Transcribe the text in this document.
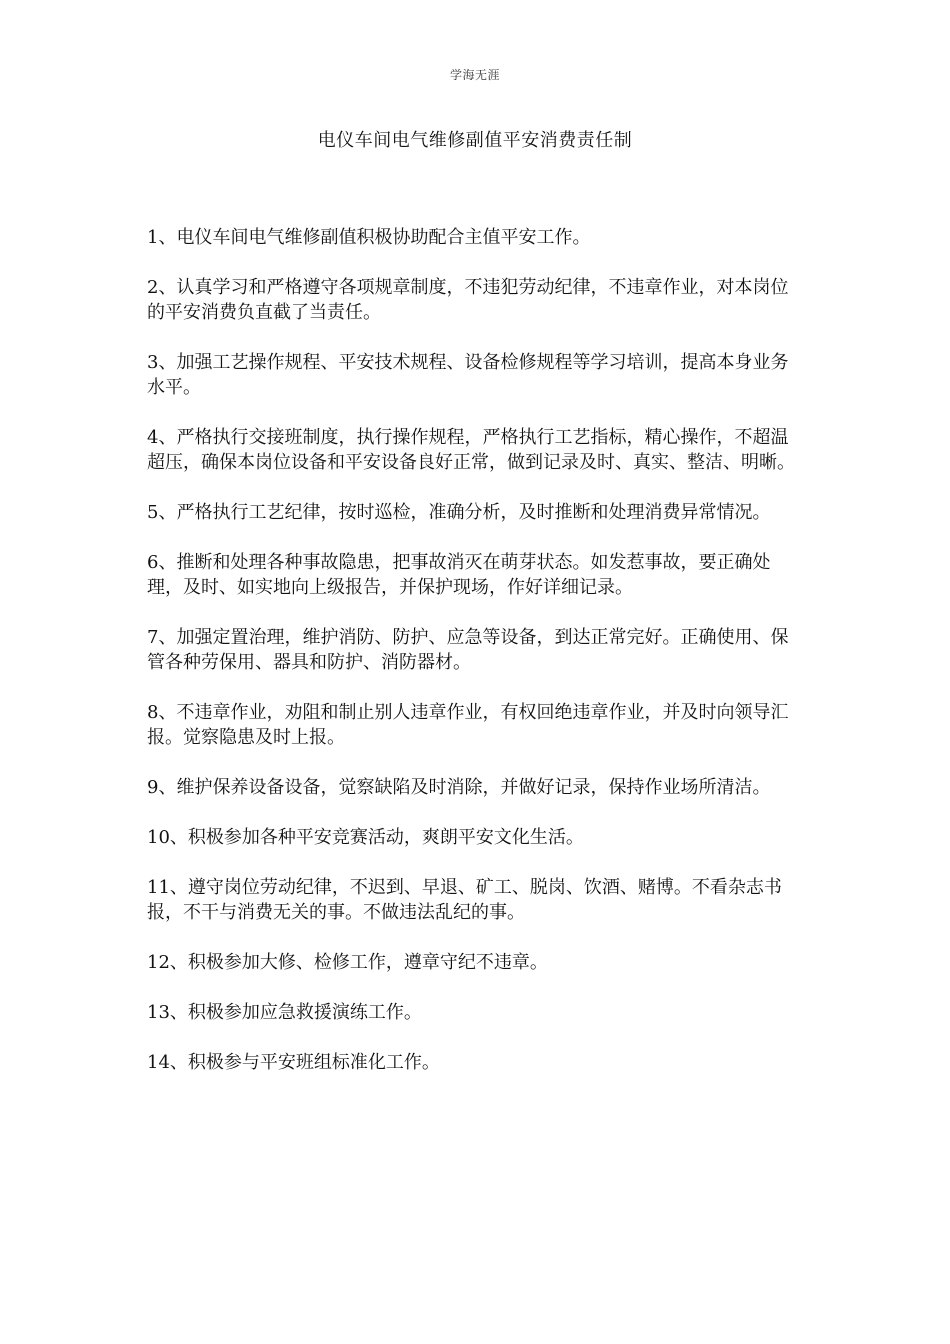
学海无涯
电仪车间电气维修副值平安消费责任制
1、电仪车间电气维修副值积极协助配合主值平安工作。
2、认真学习和严格遵守各项规章制度，不违犯劳动纪律，不违章作业，对本岗位的平安消费负直截了当责任。
3、加强工艺操作规程、平安技术规程、设备检修规程等学习培训，提高本身业务水平。
4、严格执行交接班制度，执行操作规程，严格执行工艺指标，精心操作，不超温超压，确保本岗位设备和平安设备良好正常，做到记录及时、真实、整洁、明晰。
5、严格执行工艺纪律，按时巡检，准确分析，及时推断和处理消费异常情况。
6、推断和处理各种事故隐患，把事故消灭在萌芽状态。如发惹事故，要正确处理，及时、如实地向上级报告，并保护现场，作好详细记录。
7、加强定置治理，维护消防、防护、应急等设备，到达正常完好。正确使用、保管各种劳保用、器具和防护、消防器材。
8、不违章作业，劝阻和制止别人违章作业，有权回绝违章作业，并及时向领导汇报。觉察隐患及时上报。
9、维护保养设备设备，觉察缺陷及时消除，并做好记录，保持作业场所清洁。
10、积极参加各种平安竞赛活动，爽朗平安文化生活。
11、遵守岗位劳动纪律，不迟到、早退、矿工、脱岗、饮酒、赌博。不看杂志书报，不干与消费无关的事。不做违法乱纪的事。
12、积极参加大修、检修工作，遵章守纪不违章。
13、积极参加应急救援演练工作。
14、积极参与平安班组标准化工作。
